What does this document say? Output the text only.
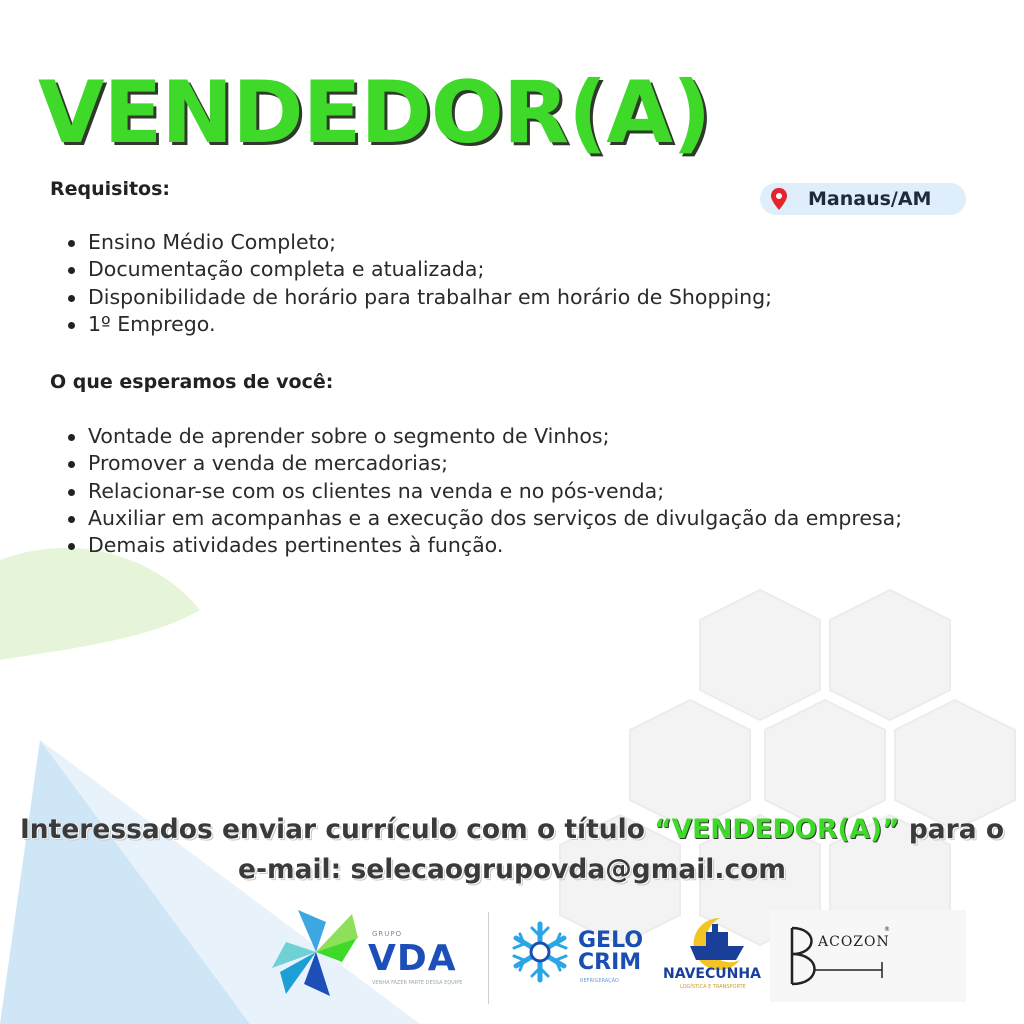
VENDEDOR(A)
Manaus/AM
Requisitos:
Ensino Médio Completo;
Documentação completa e atualizada;
Disponibilidade de horário para trabalhar em horário de Shopping;
1º Emprego.
O que esperamos de você:
Vontade de aprender sobre o segmento de Vinhos;
Promover a venda de mercadorias;
Relacionar-se com os clientes na venda e no pós-venda;
Auxiliar em acompanhas e a execução dos serviços de divulgação da empresa;
Demais atividades pertinentes à função.
Interessados enviar currículo com o título “VENDEDOR(A)” para o
e-mail: selecaogrupovda@gmail.com
GRUPO
VDA
VENHA FAZER PARTE DESSA EQUIPE
GELO
CRIM
REFRIGERAÇÃO	NAVECUNHA
LOGÍSTICA E TRANSPORTE
ACOZON
®
